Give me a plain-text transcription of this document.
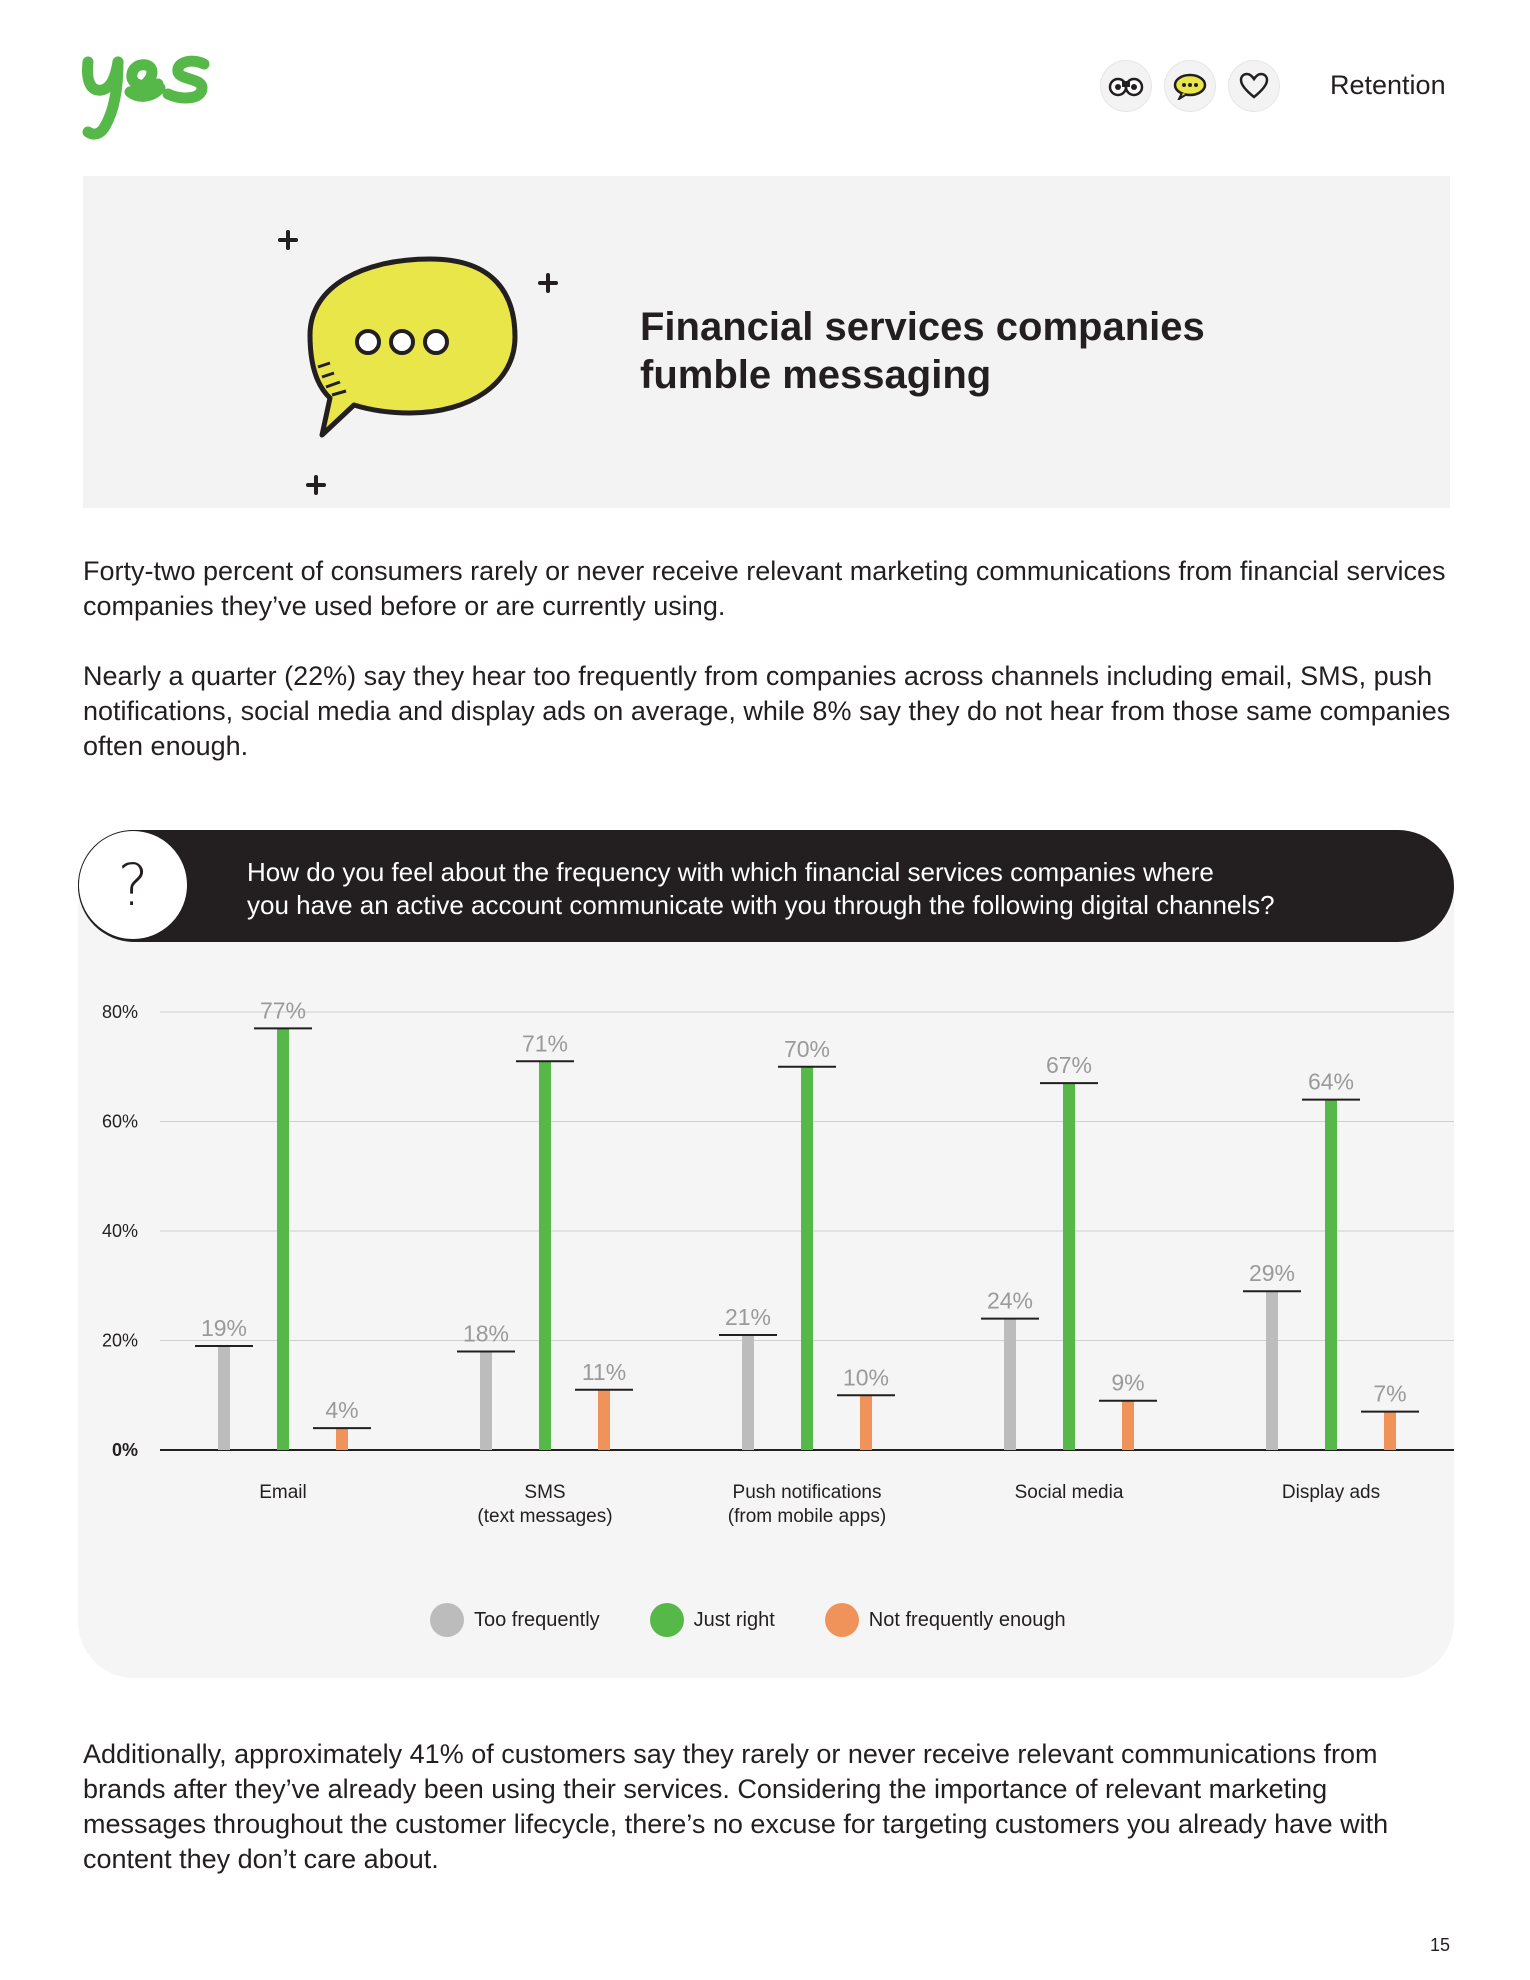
yes
Retention
Financial services companies
fumble messaging
Forty-two percent of consumers rarely or never receive relevant marketing communications from financial services companies they’ve used before or are currently using.
Nearly a quarter (22%) say they hear too frequently from companies across channels including email, SMS, push notifications, social media and display ads on average, while 8% say they do not hear from those same companies often enough.
?	How do you feel about the frequency with which financial services companies where
you have an active account communicate with you through the following digital channels?
0%
20%
40%
60%
80%
19%
77%
4%
Email
18%
71%
11%
SMS
(text messages)
21%
70%
10%
Push notifications
(from mobile apps)
24%
67%
9%
Social media
29%
64%
7%
Display ads
Too frequently	Just right	Not frequently enough
Additionally, approximately 41% of customers say they rarely or never receive relevant communications from brands after they’ve already been using their services. Considering the importance of relevant marketing messages throughout the customer lifecycle, there’s no excuse for targeting customers you already have with content they don’t care about.
15
